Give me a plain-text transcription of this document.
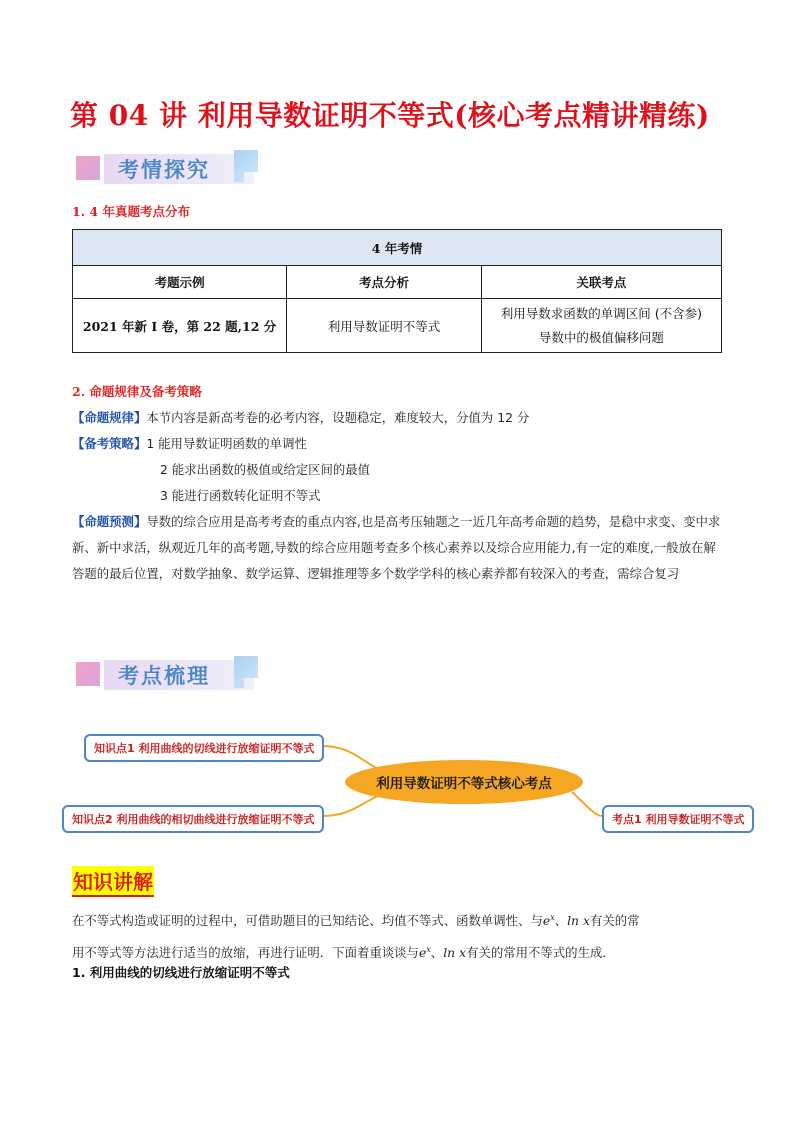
第 04 讲 利用导数证明不等式(核心考点精讲精练)
考情探究
1. 4 年真题考点分布
4 年考情		
考题示例	考点分析	关联考点
2021 年新 I 卷，第 22 题,12 分	利用导数证明不等式	利用导数求函数的单调区间 (不含参)
导数中的极值偏移问题
2. 命题规律及备考策略
【命题规律】本节内容是新高考卷的必考内容，设题稳定，难度较大，分值为 12 分
【备考策略】1 能用导数证明函数的单调性
2 能求出函数的极值或给定区间的最值
3 能进行函数转化证明不等式
【命题预测】导数的综合应用是高考考查的重点内容,也是高考压轴题之一近几年高考命题的趋势，是稳中求变、变中求新、新中求活，纵观近几年的高考题,导数的综合应用题考查多个核心素养以及综合应用能力,有一定的难度,一般放在解答题的最后位置，对数学抽象、数学运算、逻辑推理等多个数学学科的核心素养都有较深入的考查，需综合复习
考点梳理
知识点1 利用曲线的切线进行放缩证明不等式
知识点2 利用曲线的相切曲线进行放缩证明不等式
利用导数证明不等式核心考点
考点1 利用导数证明不等式
知识讲解
在不等式构造或证明的过程中，可借助题目的已知结论、均值不等式、函数单调性、与$e^x$、ln x有关的常
用不等式等方法进行适当的放缩，再进行证明．下面着重谈谈与$e^x$、ln x有关的常用不等式的生成．
1. 利用曲线的切线进行放缩证明不等式
